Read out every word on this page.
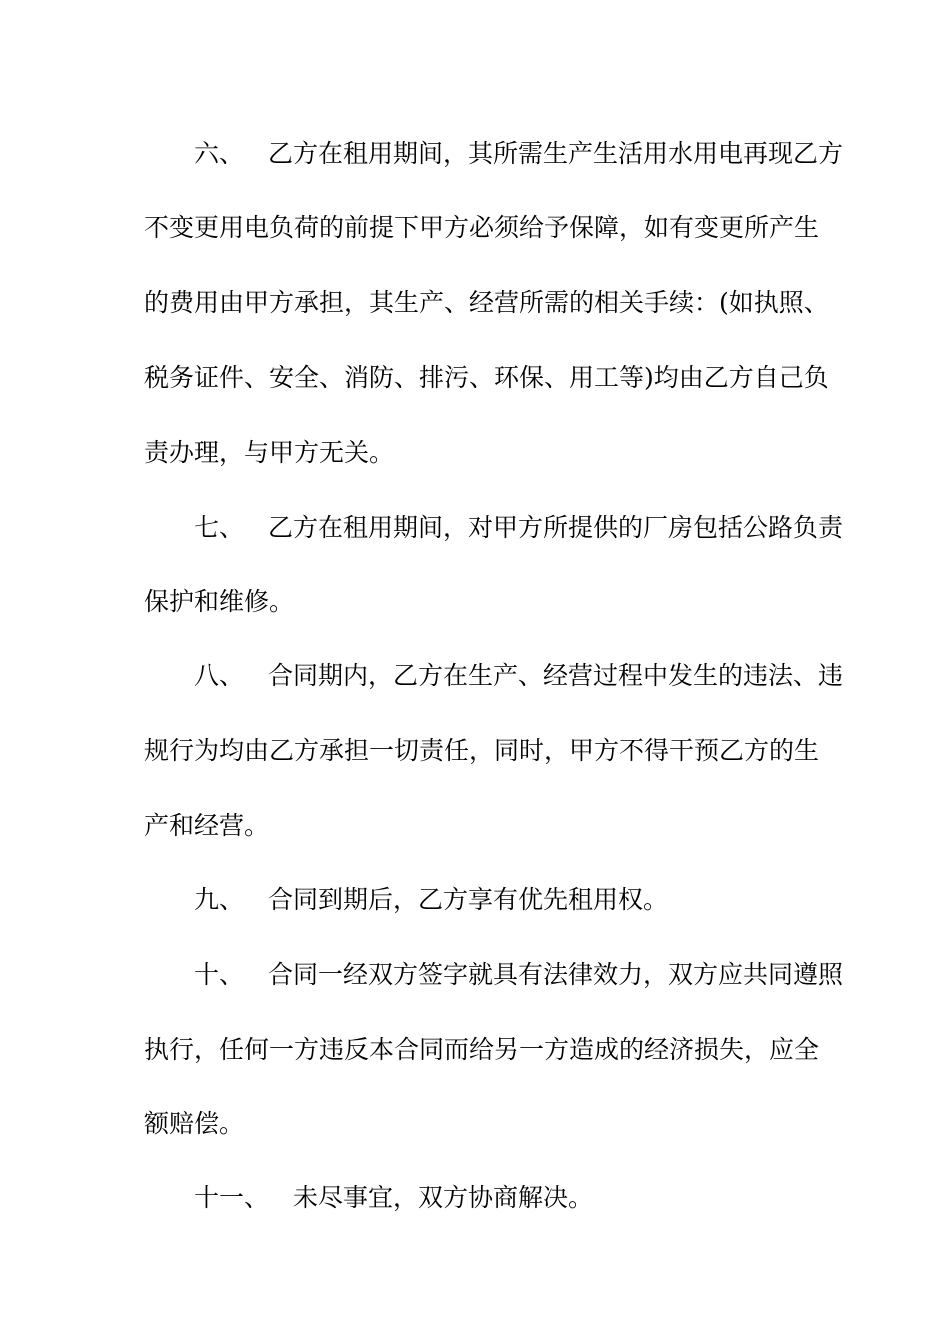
六、 乙方在租用期间，其所需生产生活用水用电再现乙方
不变更用电负荷的前提下甲方必须给予保障，如有变更所产生
的费用由甲方承担，其生产、经营所需的相关手续：(如执照、
税务证件、安全、消防、排污、环保、用工等)均由乙方自己负
责办理，与甲方无关。
七、 乙方在租用期间，对甲方所提供的厂房包括公路负责
保护和维修。
八、 合同期内，乙方在生产、经营过程中发生的违法、违
规行为均由乙方承担一切责任，同时，甲方不得干预乙方的生
产和经营。
九、 合同到期后，乙方享有优先租用权。
十、 合同一经双方签字就具有法律效力，双方应共同遵照
执行，任何一方违反本合同而给另一方造成的经济损失，应全
额赔偿。
十一、 未尽事宜，双方协商解决。
